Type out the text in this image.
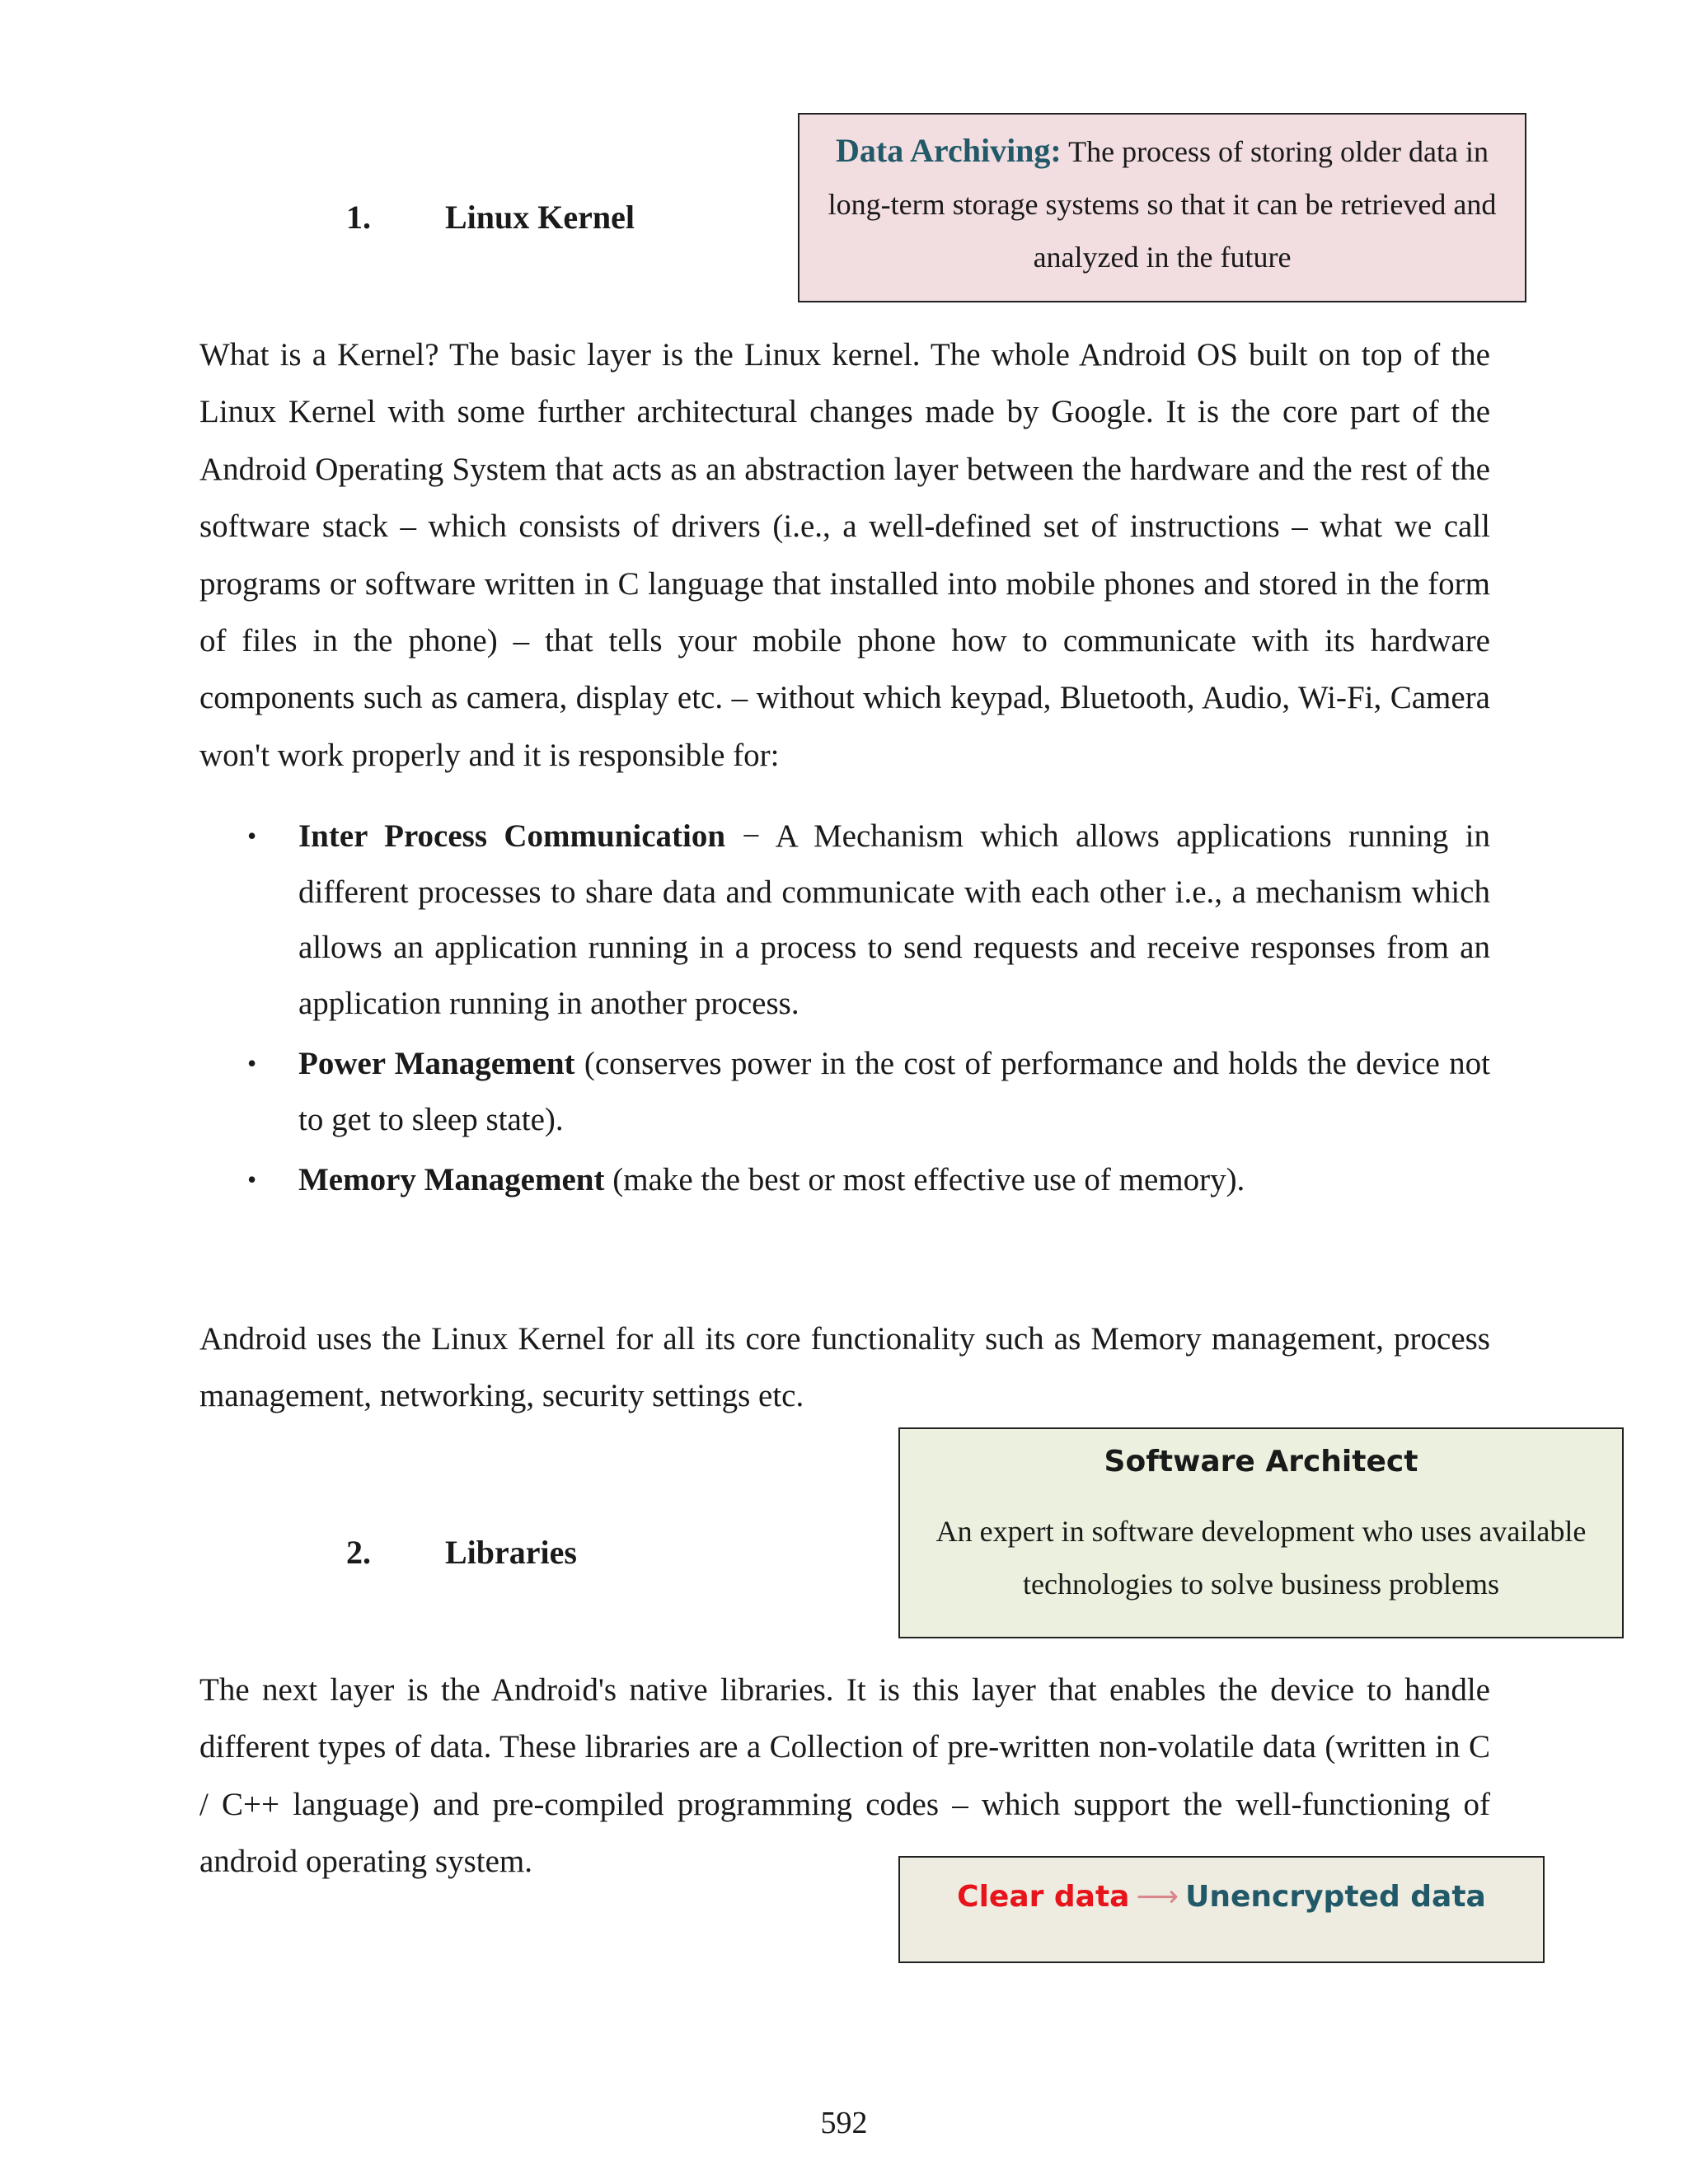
Data Archiving: The process of storing older data in long-term storage systems so that it can be retrieved and analyzed in the future
1. Linux Kernel

What is a Kernel? The basic layer is the Linux kernel. The whole Android OS built on top of the Linux Kernel with some further architectural changes made by Google. It is the core part of the Android Operating System that acts as an abstraction layer between the hardware and the rest of the software stack – which consists of drivers (i.e., a well-defined set of instructions – what we call programs or software written in C language that installed into mobile phones and stored in the form of files in the phone) – that tells your mobile phone how to communicate with its hardware components such as camera, display etc. – without which keypad, Bluetooth, Audio, Wi-Fi, Camera won't work properly and it is responsible for:

• Inter Process Communication − A Mechanism which allows applications running in different processes to share data and communicate with each other i.e., a mechanism which allows an application running in a process to send requests and receive responses from an application running in another process.
• Power Management (conserves power in the cost of performance and holds the device not to get to sleep state).
• Memory Management (make the best or most effective use of memory).

Android uses the Linux Kernel for all its core functionality such as Memory management, process management, networking, security settings etc.

Software Architect
An expert in software development who uses available technologies to solve business problems
2. Libraries

The next layer is the Android's native libraries. It is this layer that enables the device to handle different types of data. These libraries are a Collection of pre-written non-volatile data (written in C / C++ language) and pre-compiled programming codes – which support the well-functioning of android operating system.

Clear data ⟶ Unencrypted data
592
